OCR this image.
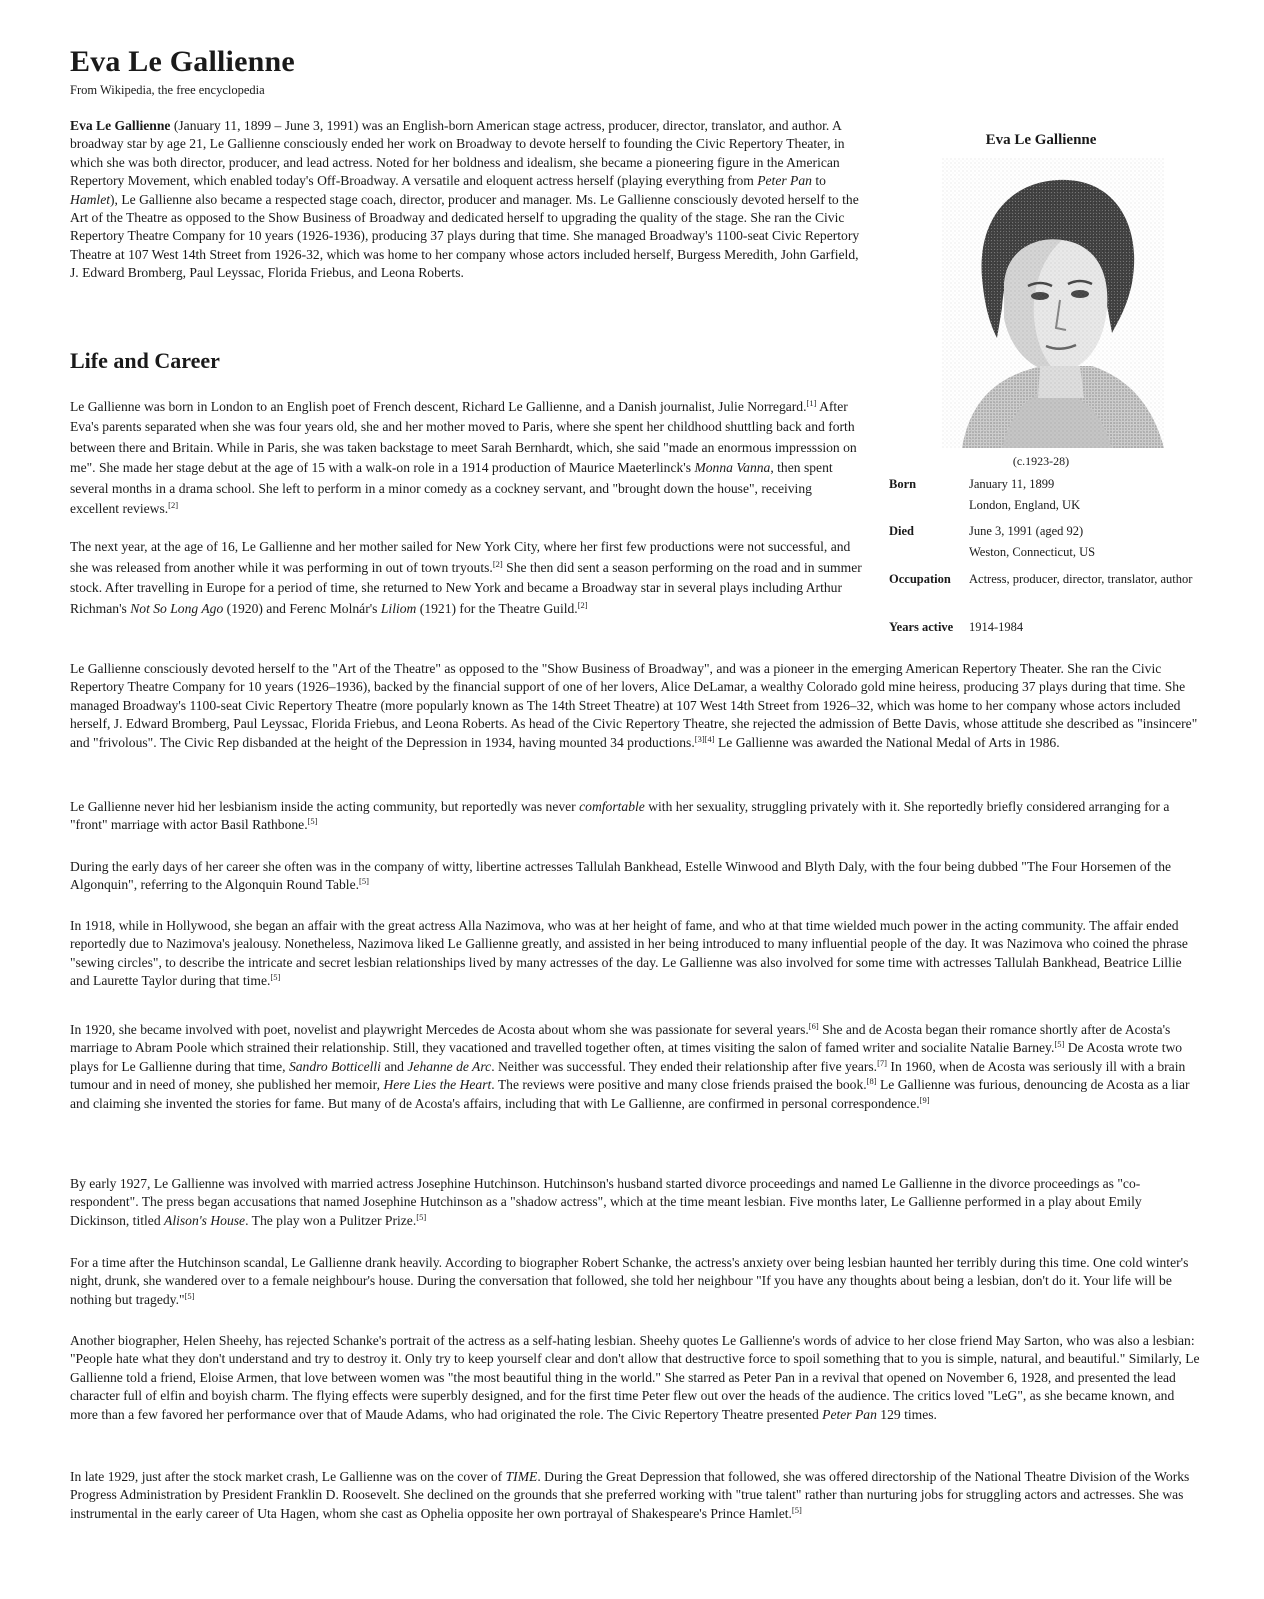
Eva Le Gallienne
From Wikipedia, the free encyclopedia

Eva Le Gallienne (January 11, 1899 – June 3, 1991) was an English-born American stage actress, producer, director, translator, and author. A broadway star by age 21, Le Gallienne consciously ended her work on Broadway to devote herself to founding the Civic Repertory Theater, in which she was both director, producer, and lead actress. Noted for her boldness and idealism, she became a pioneering figure in the American Repertory Movement, which enabled today's Off-Broadway. A versatile and eloquent actress herself (playing everything from Peter Pan to Hamlet), Le Gallienne also became a respected stage coach, director, producer and manager. Ms. Le Gallienne consciously devoted herself to the Art of the Theatre as opposed to the Show Business of Broadway and dedicated herself to upgrading the quality of the stage. She ran the Civic Repertory Theatre Company for 10 years (1926-1936), producing 37 plays during that time. She managed Broadway's 1100-seat Civic Repertory Theatre at 107 West 14th Street from 1926-32, which was home to her company whose actors included herself, Burgess Meredith, John Garfield, J. Edward Bromberg, Paul Leyssac, Florida Friebus, and Leona Roberts.

Life and Career

Le Gallienne was born in London to an English poet of French descent, Richard Le Gallienne, and a Danish journalist, Julie Norregard.[1] After Eva's parents separated when she was four years old, she and her mother moved to Paris, where she spent her childhood shuttling back and forth between there and Britain. While in Paris, she was taken backstage to meet Sarah Bernhardt, which, she said "made an enormous impresssion on me". She made her stage debut at the age of 15 with a walk-on role in a 1914 production of Maurice Maeterlinck's Monna Vanna, then spent several months in a drama school. She left to perform in a minor comedy as a cockney servant, and "brought down the house", receiving excellent reviews.[2]

The next year, at the age of 16, Le Gallienne and her mother sailed for New York City, where her first few productions were not successful, and she was released from another while it was performing in out of town tryouts.[2] She then did sent a season performing on the road and in summer stock. After travelling in Europe for a period of time, she returned to New York and became a Broadway star in several plays including Arthur Richman's Not So Long Ago (1920) and Ferenc Molnár's Liliom (1921) for the Theatre Guild.[2]

Le Gallienne consciously devoted herself to the "Art of the Theatre" as opposed to the "Show Business of Broadway", and was a pioneer in the emerging American Repertory Theater. She ran the Civic Repertory Theatre Company for 10 years (1926–1936), backed by the financial support of one of her lovers, Alice DeLamar, a wealthy Colorado gold mine heiress, producing 37 plays during that time. She managed Broadway's 1100-seat Civic Repertory Theatre (more popularly known as The 14th Street Theatre) at 107 West 14th Street from 1926–32, which was home to her company whose actors included herself, J. Edward Bromberg, Paul Leyssac, Florida Friebus, and Leona Roberts. As head of the Civic Repertory Theatre, she rejected the admission of Bette Davis, whose attitude she described as "insincere" and "frivolous". The Civic Rep disbanded at the height of the Depression in 1934, having mounted 34 productions.[3][4] Le Gallienne was awarded the National Medal of Arts in 1986.

Le Gallienne never hid her lesbianism inside the acting community, but reportedly was never comfortable with her sexuality, struggling privately with it. She reportedly briefly considered arranging for a "front" marriage with actor Basil Rathbone.[5]

During the early days of her career she often was in the company of witty, libertine actresses Tallulah Bankhead, Estelle Winwood and Blyth Daly, with the four being dubbed "The Four Horsemen of the Algonquin", referring to the Algonquin Round Table.[5]

In 1918, while in Hollywood, she began an affair with the great actress Alla Nazimova, who was at her height of fame, and who at that time wielded much power in the acting community. The affair ended reportedly due to Nazimova's jealousy. Nonetheless, Nazimova liked Le Gallienne greatly, and assisted in her being introduced to many influential people of the day. It was Nazimova who coined the phrase "sewing circles", to describe the intricate and secret lesbian relationships lived by many actresses of the day. Le Gallienne was also involved for some time with actresses Tallulah Bankhead, Beatrice Lillie and Laurette Taylor during that time.[5]

In 1920, she became involved with poet, novelist and playwright Mercedes de Acosta about whom she was passionate for several years.[6] She and de Acosta began their romance shortly after de Acosta's marriage to Abram Poole which strained their relationship. Still, they vacationed and travelled together often, at times visiting the salon of famed writer and socialite Natalie Barney.[5] De Acosta wrote two plays for Le Gallienne during that time, Sandro Botticelli and Jehanne de Arc. Neither was successful. They ended their relationship after five years.[7] In 1960, when de Acosta was seriously ill with a brain tumour and in need of money, she published her memoir, Here Lies the Heart. The reviews were positive and many close friends praised the book.[8] Le Gallienne was furious, denouncing de Acosta as a liar and claiming she invented the stories for fame. But many of de Acosta's affairs, including that with Le Gallienne, are confirmed in personal correspondence.[9]

By early 1927, Le Gallienne was involved with married actress Josephine Hutchinson. Hutchinson's husband started divorce proceedings and named Le Gallienne in the divorce proceedings as "co-respondent". The press began accusations that named Josephine Hutchinson as a "shadow actress", which at the time meant lesbian. Five months later, Le Gallienne performed in a play about Emily Dickinson, titled Alison's House. The play won a Pulitzer Prize.[5]

For a time after the Hutchinson scandal, Le Gallienne drank heavily. According to biographer Robert Schanke, the actress's anxiety over being lesbian haunted her terribly during this time. One cold winter's night, drunk, she wandered over to a female neighbour's house. During the conversation that followed, she told her neighbour "If you have any thoughts about being a lesbian, don't do it. Your life will be nothing but tragedy."[5]

Another biographer, Helen Sheehy, has rejected Schanke's portrait of the actress as a self-hating lesbian. Sheehy quotes Le Gallienne's words of advice to her close friend May Sarton, who was also a lesbian: "People hate what they don't understand and try to destroy it. Only try to keep yourself clear and don't allow that destructive force to spoil something that to you is simple, natural, and beautiful." Similarly, Le Gallienne told a friend, Eloise Armen, that love between women was "the most beautiful thing in the world." She starred as Peter Pan in a revival that opened on November 6, 1928, and presented the lead character full of elfin and boyish charm. The flying effects were superbly designed, and for the first time Peter flew out over the heads of the audience. The critics loved "LeG", as she became known, and more than a few favored her performance over that of Maude Adams, who had originated the role. The Civic Repertory Theatre presented Peter Pan 129 times.

In late 1929, just after the stock market crash, Le Gallienne was on the cover of TIME. During the Great Depression that followed, she was offered directorship of the National Theatre Division of the Works Progress Administration by President Franklin D. Roosevelt. She declined on the grounds that she preferred working with "true talent" rather than nurturing jobs for struggling actors and actresses. She was instrumental in the early career of Uta Hagen, whom she cast as Ophelia opposite her own portrayal of Shakespeare's Prince Hamlet.[5]

Eva Le Gallienne
(c.1923-28)
Born	January 11, 1899
London, England, UK
Died	June 3, 1991 (aged 92)
Weston, Connecticut, US
Occupation	Actress, producer, director, translator, author
Years active	1914-1984
